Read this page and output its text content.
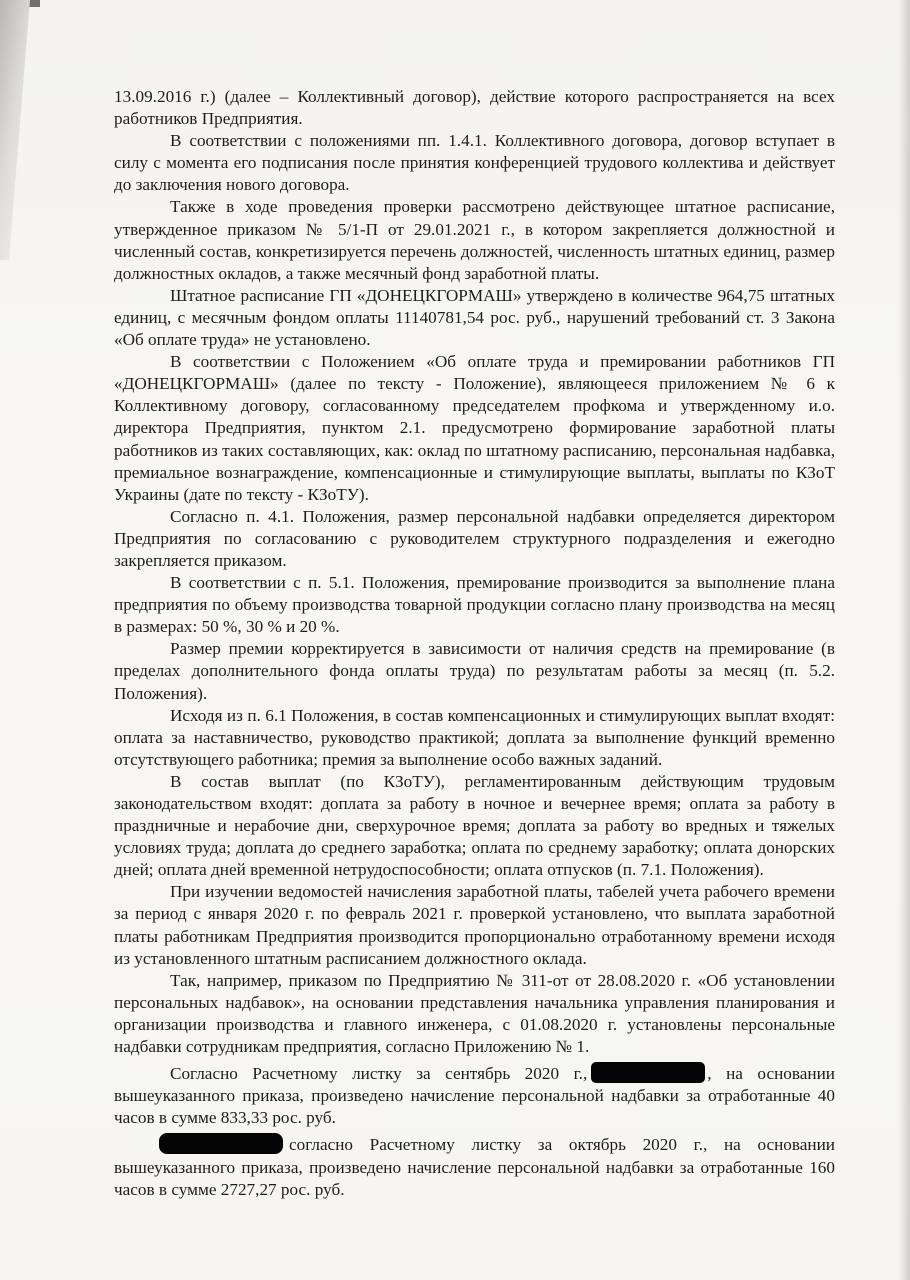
13.09.2016 г.) (далее – Коллективный договор), действие которого распространяется на всех работников Предприятия.

В соответствии с положениями пп. 1.4.1. Коллективного договора, договор вступает в силу с момента его подписания после принятия конференцией трудового коллектива и действует до заключения нового договора.

Также в ходе проведения проверки рассмотрено действующее штатное расписание, утвержденное приказом № 5/1-П от 29.01.2021 г., в котором закрепляется должностной и численный состав, конкретизируется перечень должностей, численность штатных единиц, размер должностных окладов, а также месячный фонд заработной платы.

Штатное расписание ГП «ДОНЕЦКГОРМАШ» утверждено в количестве 964,75 штатных единиц, с месячным фондом оплаты 11140781,54 рос. руб., нарушений требований ст. 3 Закона «Об оплате труда» не установлено.

В соответствии с Положением «Об оплате труда и премировании работников ГП «ДОНЕЦКГОРМАШ» (далее по тексту - Положение), являющееся приложением № 6 к Коллективному договору, согласованному председателем профкома и утвержденному и.о. директора Предприятия, пунктом 2.1. предусмотрено формирование заработной платы работников из таких составляющих, как: оклад по штатному расписанию, персональная надбавка, премиальное вознаграждение, компенсационные и стимулирующие выплаты, выплаты по КЗоТ Украины (дате по тексту - КЗоТУ).

Согласно п. 4.1. Положения, размер персональной надбавки определяется директором Предприятия по согласованию с руководителем структурного подразделения и ежегодно закрепляется приказом.

В соответствии с п. 5.1. Положения, премирование производится за выполнение плана предприятия по объему производства товарной продукции согласно плану производства на месяц в размерах: 50 %, 30 % и 20 %.

Размер премии корректируется в зависимости от наличия средств на премирование (в пределах дополнительного фонда оплаты труда) по результатам работы за месяц (п. 5.2. Положения).

Исходя из п. 6.1 Положения, в состав компенсационных и стимулирующих выплат входят: оплата за наставничество, руководство практикой; доплата за выполнение функций временно отсутствующего работника; премия за выполнение особо важных заданий.

В состав выплат (по КЗоТУ), регламентированным действующим трудовым законодательством входят: доплата за работу в ночное и вечернее время; оплата за работу в праздничные и нерабочие дни, сверхурочное время; доплата за работу во вредных и тяжелых условиях труда; доплата до среднего заработка; оплата по среднему заработку; оплата донорских дней; оплата дней временной нетрудоспособности; оплата отпусков (п. 7.1. Положения).

При изучении ведомостей начисления заработной платы, табелей учета рабочего времени за период с января 2020 г. по февраль 2021 г. проверкой установлено, что выплата заработной платы работникам Предприятия производится пропорционально отработанному времени исходя из установленного штатным расписанием должностного оклада.

Так, например, приказом по Предприятию № 311-от от 28.08.2020 г. «Об установлении персональных надбавок», на основании представления начальника управления планирования и организации производства и главного инженера, с 01.08.2020 г. установлены персональные надбавки сотрудникам предприятия, согласно Приложению № 1.

Согласно Расчетному листку за сентябрь 2020 г.,	, на основании вышеуказанного приказа, произведено начисление персональной надбавки за отработанные 40 часов в сумме 833,33 рос. руб.

согласно Расчетному листку за октябрь 2020 г., на основании вышеуказанного приказа, произведено начисление персональной надбавки за отработанные 160 часов в сумме 2727,27 рос. руб.
